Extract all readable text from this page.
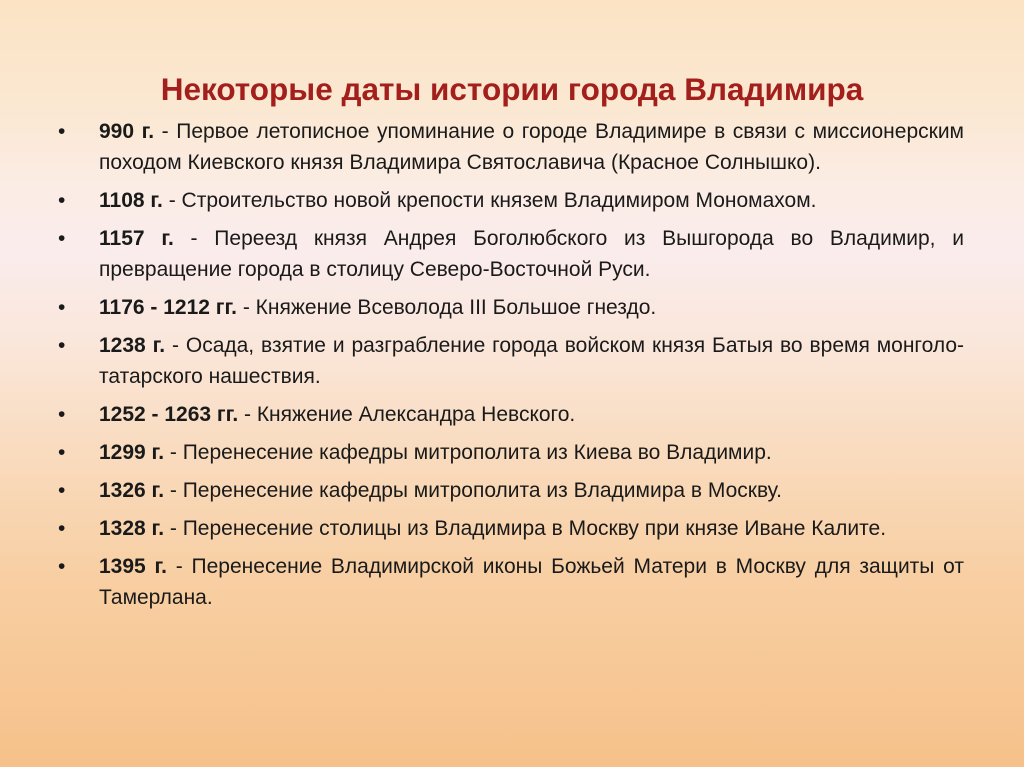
Некоторые даты истории города Владимира
• 990 г. - Первое летописное упоминание о городе Владимире в связи с миссионерским походом Киевского князя Владимира Святославича (Красное Солнышко).
• 1108 г. - Строительство новой крепости князем Владимиром Мономахом.
• 1157 г. - Переезд князя Андрея Боголюбского из Вышгорода во Владимир, и превращение города в столицу Северо-Восточной Руси.
• 1176 - 1212 гг. - Княжение Всеволода III Большое гнездо.
• 1238 г. - Осада, взятие и разграбление города войском князя Батыя во время монголо-татарского нашествия.
• 1252 - 1263 гг. - Княжение Александра Невского.
• 1299 г. - Перенесение кафедры митрополита из Киева во Владимир.
• 1326 г. - Перенесение кафедры митрополита из Владимира в Москву.
• 1328 г. - Перенесение столицы из Владимира в Москву при князе Иване Калите.
• 1395 г. - Перенесение Владимирской иконы Божьей Матери в Москву для защиты от Тамерлана.
